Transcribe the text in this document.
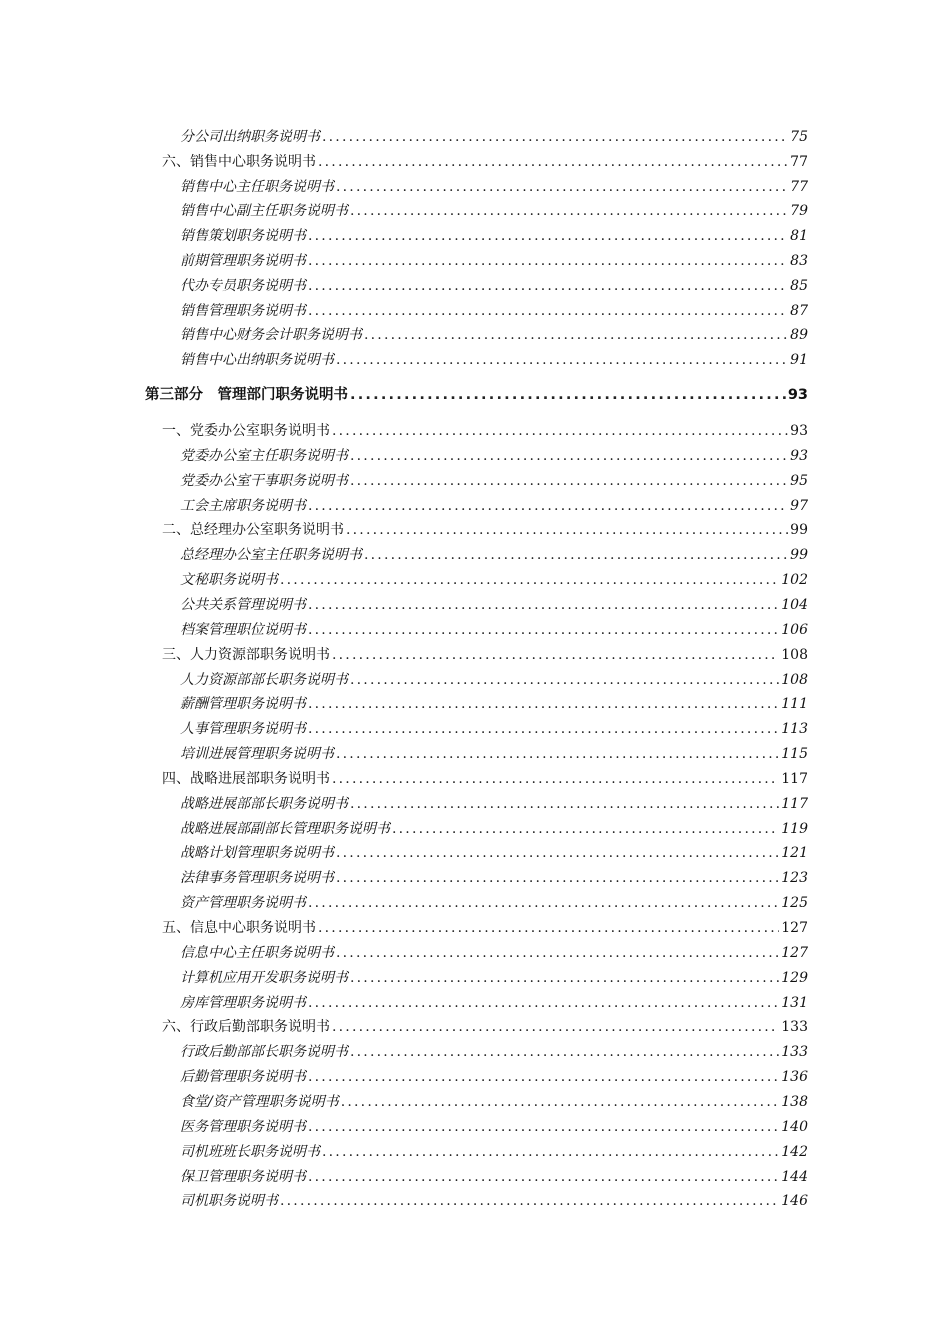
分公司出纳职务说明书 .....	75
六、销售中心职务说明书 .....	77
销售中心主任职务说明书 .....	77
销售中心副主任职务说明书 .....	79
销售策划职务说明书 .....	81
前期管理职务说明书 .....	83
代办专员职务说明书 .....	85
销售管理职务说明书 .....	87
销售中心财务会计职务说明书 .....	89
销售中心出纳职务说明书 .....	91
第三部分　管理部门职务说明书 .....	93
一、党委办公室职务说明书 .....	93
党委办公室主任职务说明书 .....	93
党委办公室干事职务说明书 .....	95
工会主席职务说明书 .....	97
二、总经理办公室职务说明书 .....	99
总经理办公室主任职务说明书 .....	99
文秘职务说明书 .....	102
公共关系管理说明书 .....	104
档案管理职位说明书 .....	106
三、人力资源部职务说明书 .....	108
人力资源部部长职务说明书 .....	108
薪酬管理职务说明书 .....	111
人事管理职务说明书 .....	113
培训进展管理职务说明书 .....	115
四、战略进展部职务说明书 .....	117
战略进展部部长职务说明书 .....	117
战略进展部副部长管理职务说明书 .....	119
战略计划管理职务说明书 .....	121
法律事务管理职务说明书 .....	123
资产管理职务说明书 .....	125
五、信息中心职务说明书 .....	127
信息中心主任职务说明书 .....	127
计算机应用开发职务说明书 .....	129
房库管理职务说明书 .....	131
六、行政后勤部职务说明书 .....	133
行政后勤部部长职务说明书 .....	133
后勤管理职务说明书 .....	136
食堂/资产管理职务说明书 .....	138
医务管理职务说明书 .....	140
司机班班长职务说明书 .....	142
保卫管理职务说明书 .....	144
司机职务说明书 .....	146
